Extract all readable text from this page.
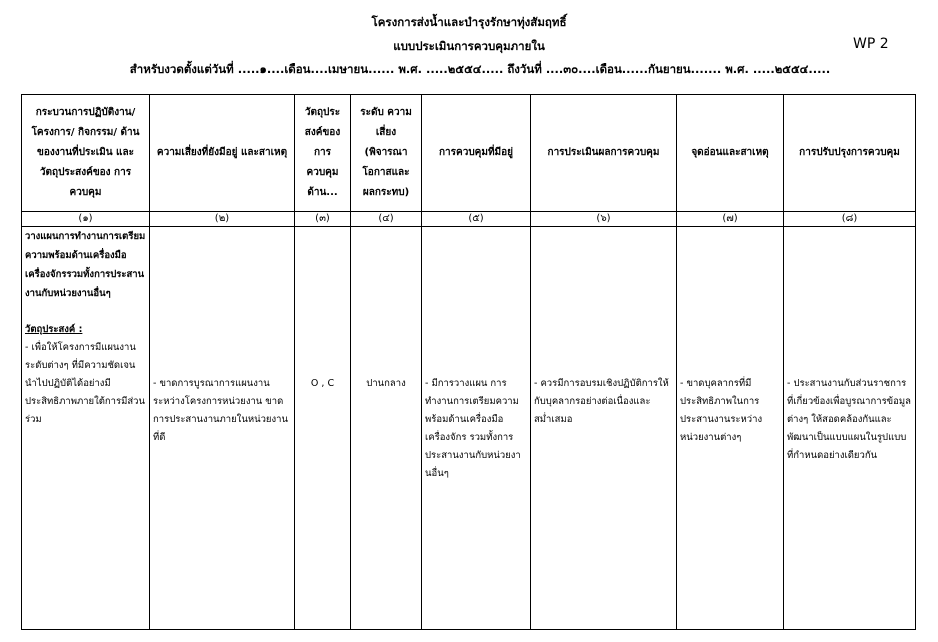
โครงการส่งน้ำและบำรุงรักษาทุ่งสัมฤทธิ์
แบบประเมินการควบคุมภายใน
สำหรับงวดตั้งแต่วันที่ .....๑....เดือน....เมษายน...... พ.ศ. .....๒๕๕๔..... ถึงวันที่ ....๓๐....เดือน......กันยายน....... พ.ศ. .....๒๕๕๔.....
WP 2
กระบวนการปฏิบัติงาน/ โครงการ/ กิจกรรม/ ด้านของงานที่ประเมิน และวัตถุประสงค์ของ การควบคุม	ความเสี่ยงที่ยังมีอยู่ และสาเหตุ	วัตถุประ สงค์ของ การ ควบคุม ด้าน...	ระดับ ความเสี่ยง (พิจารณา โอกาสและ ผลกระทบ)	การควบคุมที่มีอยู่	การประเมินผลการควบคุม	จุดอ่อนและสาเหตุ	การปรับปรุงการควบคุม
(๑)	(๒)	(๓)	(๔)	(๕)	(๖)	(๗)	(๘)

วางแผนการทำงานการเตรียมความพร้อมด้านเครื่องมือเครื่องจักรรวมทั้งการประสานงานกับหน่วยงานอื่นๆ
วัตถุประสงค์ :
- เพื่อให้โครงการมีแผนงานระดับต่างๆ ที่มีความชัดเจน นำไปปฏิบัติได้อย่างมีประสิทธิภาพภายใต้การมีส่วนร่วม	- ขาดการบูรณาการแผนงานระหว่างโครงการหน่วยงาน ขาดการประสานงานภายในหน่วยงานที่ดี	O , C	ปานกลาง	- มีการวางแผน การทำงานการเตรียมความพร้อมด้านเครื่องมือเครื่องจักร รวมทั้งการประสานงานกับหน่วยงานอื่นๆ	- ควรมีการอบรมเชิงปฏิบัติการให้กับบุคลากรอย่างต่อเนื่องและสม่ำเสมอ	- ขาดบุคลากรที่มีประสิทธิภาพในการประสานงานระหว่างหน่วยงานต่างๆ	- ประสานงานกับส่วนราชการที่เกี่ยวข้องเพื่อบูรณาการข้อมูลต่างๆ ให้สอดคล้องกันและพัฒนาเป็นแบบแผนในรูปแบบที่กำหนดอย่างเดียวกัน
